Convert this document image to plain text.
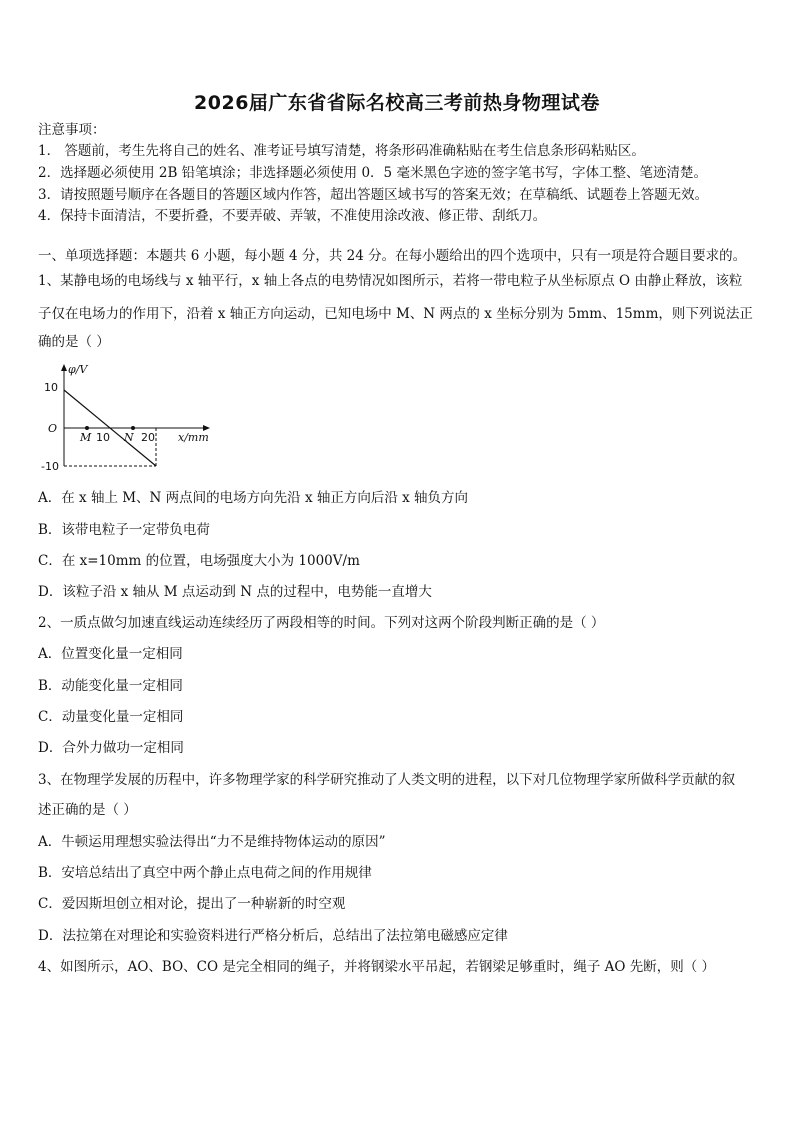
2026届广东省省际名校高三考前热身物理试卷
注意事项：
1． 答题前，考生先将自己的姓名、准考证号填写清楚，将条形码准确粘贴在考生信息条形码粘贴区。
2．选择题必须使用 2B 铅笔填涂；非选择题必须使用 0．5 毫米黑色字迹的签字笔书写，字体工整、笔迹清楚。
3．请按照题号顺序在各题目的答题区域内作答，超出答题区域书写的答案无效；在草稿纸、试题卷上答题无效。
4．保持卡面清洁，不要折叠，不要弄破、弄皱，不准使用涂改液、修正带、刮纸刀。
一、单项选择题：本题共 6 小题，每小题 4 分，共 24 分。在每小题给出的四个选项中，只有一项是符合题目要求的。
1、某静电场的电场线与 x 轴平行，x 轴上各点的电势情况如图所示，若将一带电粒子从坐标原点 O 由静止释放，该粒
子仅在电场力的作用下，沿着 x 轴正方向运动，已知电场中 M、N 两点的 x 坐标分别为 5mm、15mm，则下列说法正
确的是（ ）
φ/V
10
O
-10
M 10 N 20 x/mm
A．在 x 轴上 M、N 两点间的电场方向先沿 x 轴正方向后沿 x 轴负方向
B．该带电粒子一定带负电荷
C．在 x=10mm 的位置，电场强度大小为 1000V/m
D．该粒子沿 x 轴从 M 点运动到 N 点的过程中，电势能一直增大
2、一质点做匀加速直线运动连续经历了两段相等的时间。下列对这两个阶段判断正确的是（ ）
A．位置变化量一定相同
B．动能变化量一定相同
C．动量变化量一定相同
D．合外力做功一定相同
3、在物理学发展的历程中，许多物理学家的科学研究推动了人类文明的进程，以下对几位物理学家所做科学贡献的叙
述正确的是（ ）
A．牛顿运用理想实验法得出“力不是维持物体运动的原因”
B．安培总结出了真空中两个静止点电荷之间的作用规律
C．爱因斯坦创立相对论，提出了一种崭新的时空观
D．法拉第在对理论和实验资料进行严格分析后，总结出了法拉第电磁感应定律
4、如图所示，AO、BO、CO 是完全相同的绳子，并将钢梁水平吊起，若钢梁足够重时，绳子 AO 先断，则（ ）
